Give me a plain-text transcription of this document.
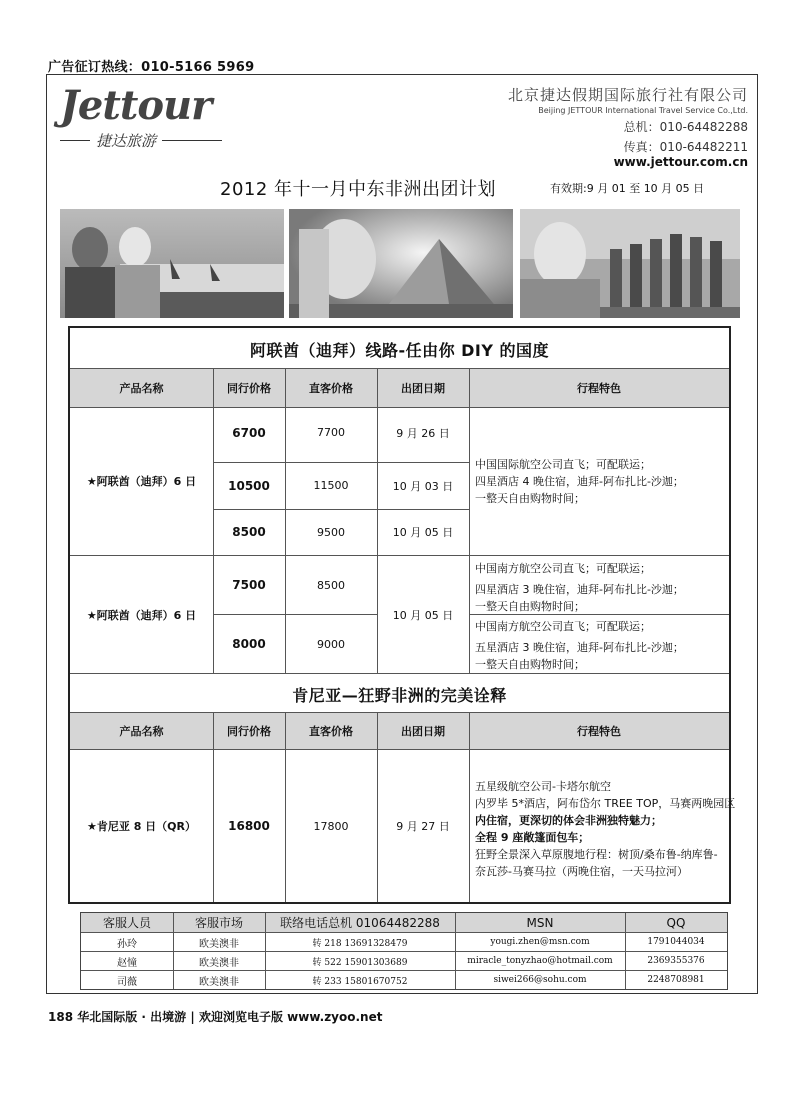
广告征订热线：010-5166 5969
Jettour
捷达旅游
北京捷达假期国际旅行社有限公司
Beijing JETTOUR International Travel Service Co.,Ltd.
总机：010-64482288
传真：010-64482211
www.jettour.com.cn
2012 年十一月中东非洲出团计划	有效期:9 月 01 至 10 月 05 日
阿联酋（迪拜）线路-任由你 DIY 的国度
产品名称	同行价格	直客价格	出团日期	行程特色
★阿联酋（迪拜）6 日
6700	7700	9 月 26 日
10500	11500	10 月 03 日
8500	9500	10 月 05 日
中国国际航空公司直飞；可配联运；
四星酒店 4 晚住宿，迪拜-阿布扎比-沙迦；
一整天自由购物时间；
★阿联酋（迪拜）6 日
7500	8500
8000	9000
10 月 05 日
中国南方航空公司直飞；可配联运；
四星酒店 3 晚住宿，迪拜-阿布扎比-沙迦；
一整天自由购物时间；
中国南方航空公司直飞；可配联运；
五星酒店 3 晚住宿，迪拜-阿布扎比-沙迦；
一整天自由购物时间；
肯尼亚—狂野非洲的完美诠释
产品名称	同行价格	直客价格	出团日期	行程特色
★肯尼亚 8 日（QR）	16800	17800	9 月 27 日
五星级航空公司-卡塔尔航空
内罗毕 5*酒店，阿布岱尔 TREE TOP，马赛两晚园区
内住宿，更深切的体会非洲独特魅力；
全程 9 座敞篷面包车；
狂野全景深入草原腹地行程：树顶/桑布鲁-纳库鲁-
奈瓦莎-马赛马拉（两晚住宿，一天马拉河）
客服人员	客服市场	联络电话总机 01064482288	MSN	QQ
孙玲	欧美澳非	转 218 13691328479	yougi.zhen@msn.com	1791044034
赵憧	欧美澳非	转 522 15901303689	miracle_tonyzhao@hotmail.com	2369355376
司薇	欧美澳非	转 233 15801670752	siwei266@sohu.com	2248708981
188 华北国际版 · 出境游 | 欢迎浏览电子版 www.zyoo.net
